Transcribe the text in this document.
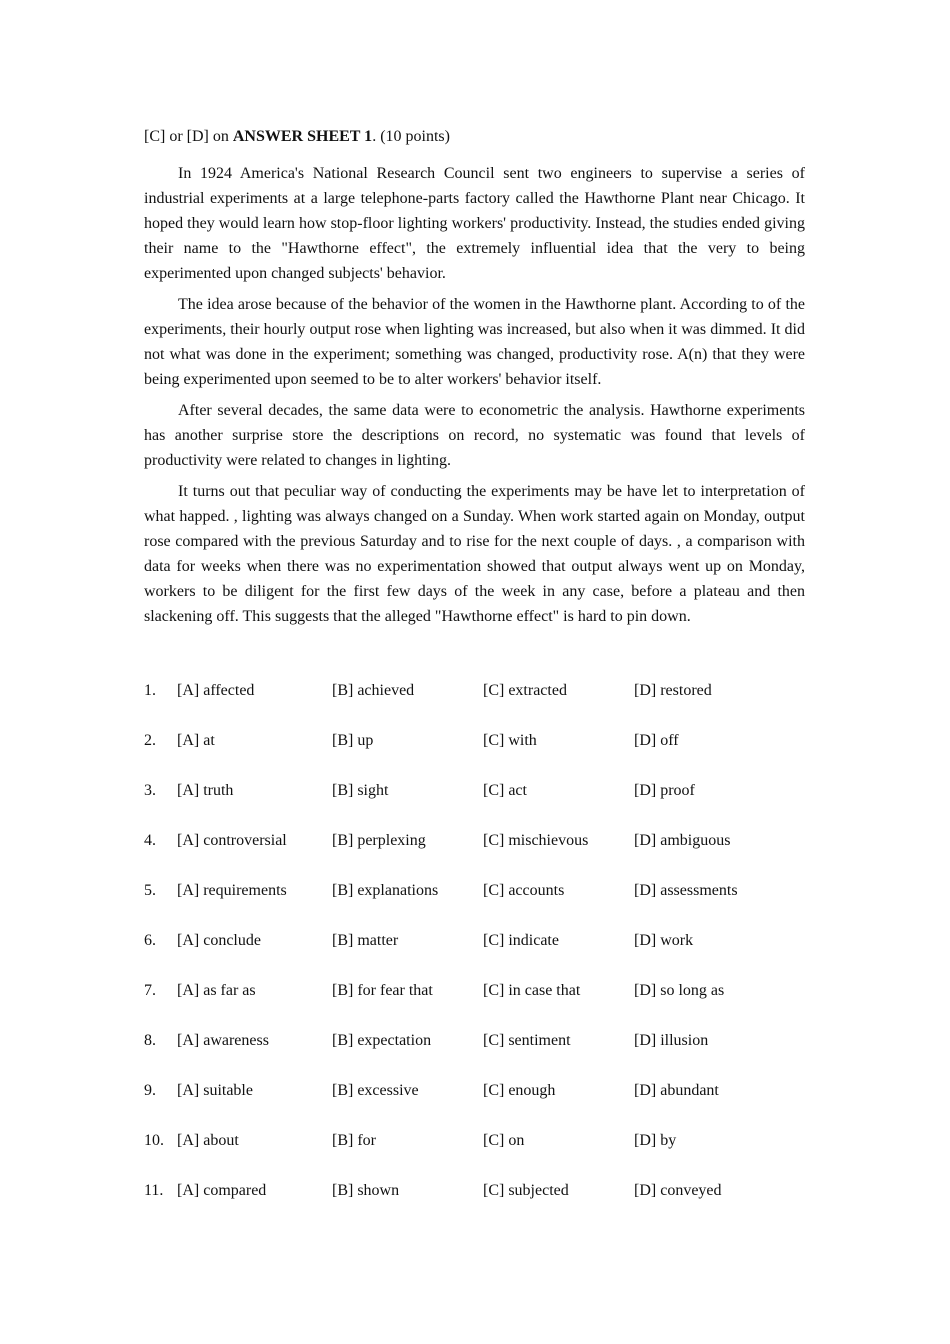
[C] or [D] on ANSWER SHEET 1. (10 points)

In 1924 America's National Research Council sent two engineers to supervise a series of industrial experiments at a large telephone-parts factory called the Hawthorne Plant near Chicago. It hoped they would learn how stop-floor lighting workers' productivity. Instead, the studies ended giving their name to the "Hawthorne effect", the extremely influential idea that the very to being experimented upon changed subjects' behavior.

The idea arose because of the behavior of the women in the Hawthorne plant. According to of the experiments, their hourly output rose when lighting was increased, but also when it was dimmed. It did not what was done in the experiment; something was changed, productivity rose. A(n) that they were being experimented upon seemed to be to alter workers' behavior itself.

After several decades, the same data were to econometric the analysis. Hawthorne experiments has another surprise store the descriptions on record, no systematic was found that levels of productivity were related to changes in lighting.

It turns out that peculiar way of conducting the experiments may be have let to interpretation of what happed. , lighting was always changed on a Sunday. When work started again on Monday, output rose compared with the previous Saturday and to rise for the next couple of days. , a comparison with data for weeks when there was no experimentation showed that output always went up on Monday, workers to be diligent for the first few days of the week in any case, before a plateau and then slackening off. This suggests that the alleged "Hawthorne effect" is hard to pin down.

1. [A] affected	[B] achieved	[C] extracted	[D] restored
2. [A] at	[B] up	[C] with	[D] off
3. [A] truth	[B] sight	[C] act	[D] proof
4. [A] controversial	[B] perplexing	[C] mischievous	[D] ambiguous
5. [A] requirements	[B] explanations	[C] accounts	[D] assessments
6. [A] conclude	[B] matter	[C] indicate	[D] work
7. [A] as far as	[B] for fear that	[C] in case that	[D] so long as
8. [A] awareness	[B] expectation	[C] sentiment	[D] illusion
9. [A] suitable	[B] excessive	[C] enough	[D] abundant
10. [A] about	[B] for	[C] on	[D] by
11. [A] compared	[B] shown	[C] subjected	[D] conveyed
